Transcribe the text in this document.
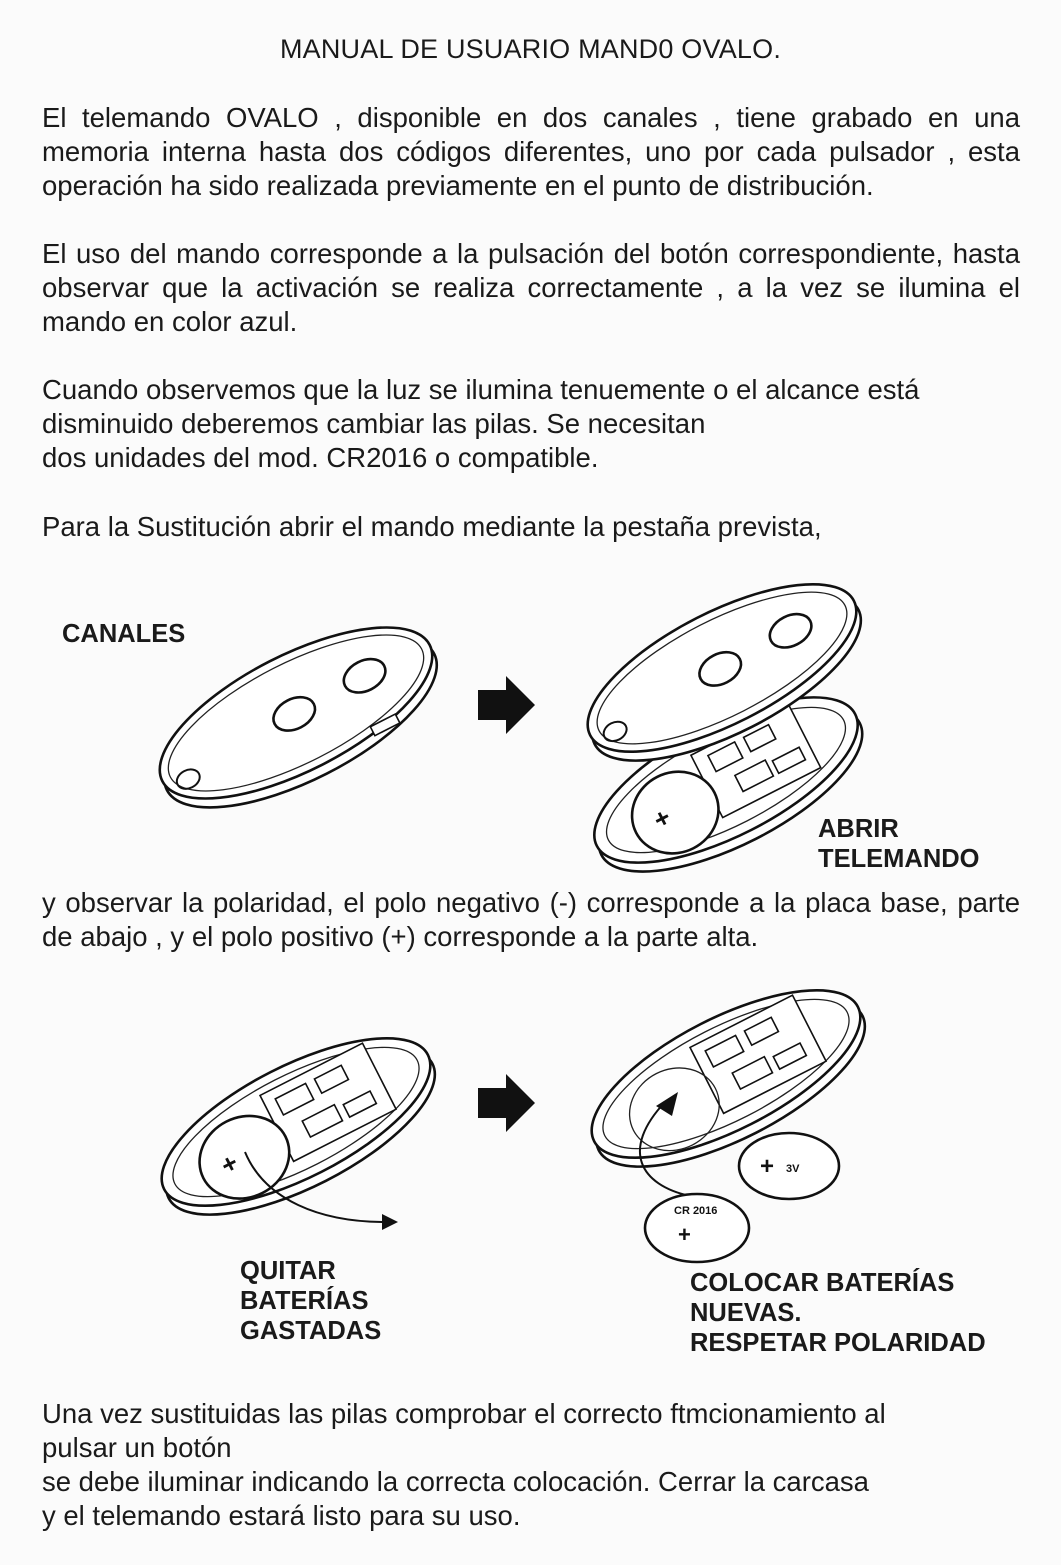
MANUAL DE USUARIO MAND0 OVALO.

El telemando OVALO , disponible en dos canales , tiene grabado en una memoria interna hasta dos códigos diferentes, uno por cada pulsador , esta operación ha sido realizada previamente en el punto de distribución.

El uso del mando corresponde a la pulsación del botón correspondiente, hasta observar que la activación se realiza correctamente , a la vez se ilumina el mando en color azul.

Cuando observemos que la luz se ilumina tenuemente o el alcance está
disminuido deberemos cambiar las pilas. Se necesitan
dos unidades del mod. CR2016 o compatible.

Para la Sustitución abrir el mando mediante la pestaña prevista,

y observar la polaridad, el polo negativo (-) corresponde a la placa base, parte de abajo , y el polo positivo (+) corresponde a la parte alta.

Una vez sustituidas las pilas comprobar el correcto ftmcionamiento al
pulsar un botón
se debe iluminar indicando la correcta colocación. Cerrar la carcasa
y el telemando estará listo para su uso.

CANALES
ABRIR
TELEMANDO
QUITAR
BATERÍAS
GASTADAS
COLOCAR BATERÍAS
NUEVAS.
RESPETAR POLARIDAD
+
+	+ 3V
CR 2016
+
